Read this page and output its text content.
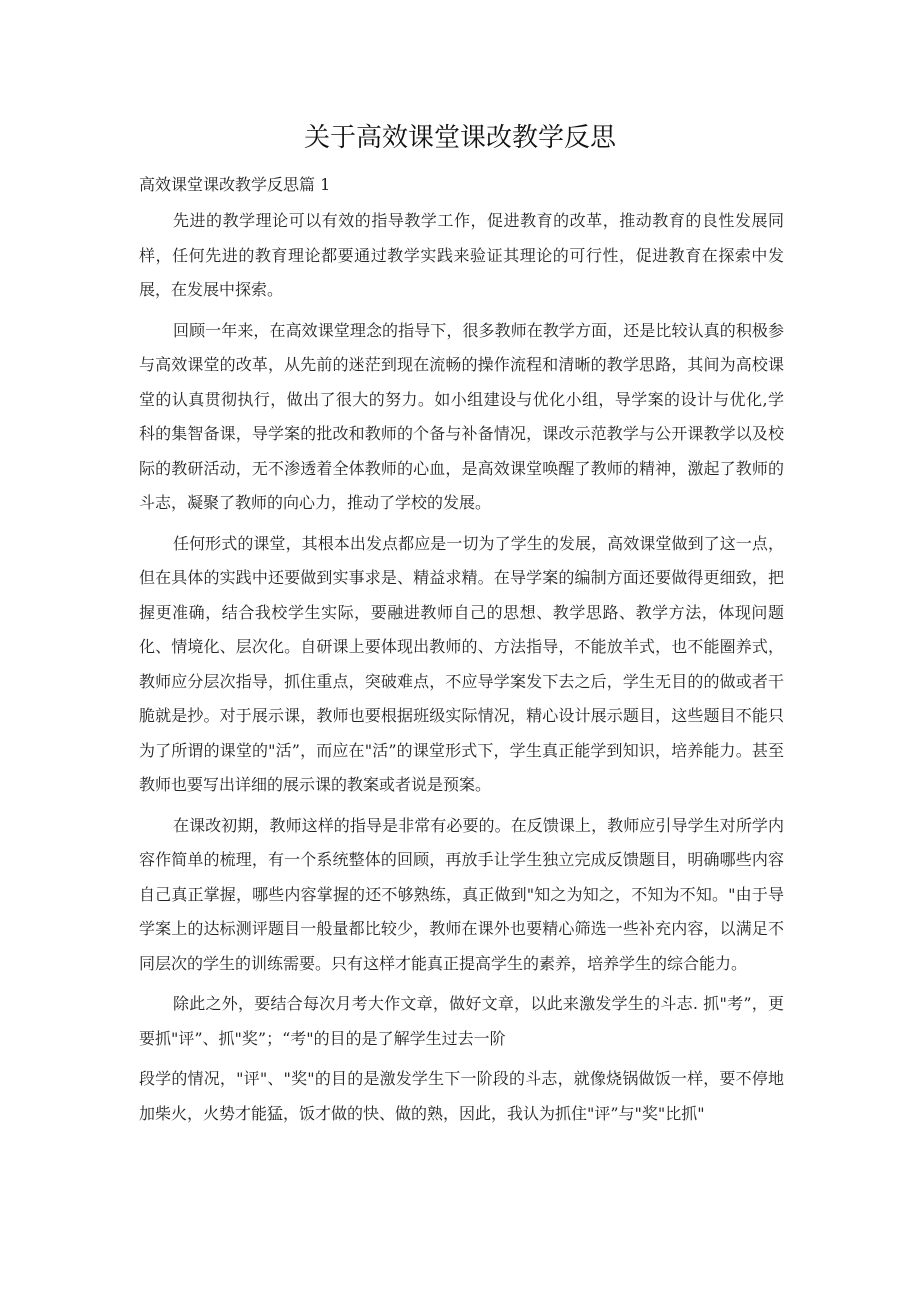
关于高效课堂课改教学反思

高效课堂课改教学反思篇 1

先进的教学理论可以有效的指导教学工作，促进教育的改革，推动教育的良性发展同样，任何先进的教育理论都要通过教学实践来验证其理论的可行性，促进教育在探索中发展，在发展中探索。

回顾一年来，在高效课堂理念的指导下，很多教师在教学方面，还是比较认真的积极参与高效课堂的改革，从先前的迷茫到现在流畅的操作流程和清晰的教学思路，其间为高校课堂的认真贯彻执行，做出了很大的努力。如小组建设与优化小组，导学案的设计与优化,学科的集智备课，导学案的批改和教师的个备与补备情况，课改示范教学与公开课教学以及校际的教研活动，无不渗透着全体教师的心血，是高效课堂唤醒了教师的精神，激起了教师的斗志，凝聚了教师的向心力，推动了学校的发展。

任何形式的课堂，其根本出发点都应是一切为了学生的发展，高效课堂做到了这一点，但在具体的实践中还要做到实事求是、精益求精。在导学案的编制方面还要做得更细致，把握更准确，结合我校学生实际，要融进教师自己的思想、教学思路、教学方法，体现问题化、情境化、层次化。自研课上要体现出教师的、方法指导，不能放羊式，也不能圈养式，教师应分层次指导，抓住重点，突破难点，不应导学案发下去之后，学生无目的的做或者干脆就是抄。对于展示课，教师也要根据班级实际情况，精心设计展示题目，这些题目不能只为了所谓的课堂的"活”，而应在"活”的课堂形式下，学生真正能学到知识，培养能力。甚至教师也要写出详细的展示课的教案或者说是预案。

在课改初期，教师这样的指导是非常有必要的。在反馈课上，教师应引导学生对所学内容作简单的梳理，有一个系统整体的回顾，再放手让学生独立完成反馈题目，明确哪些内容自己真正掌握，哪些内容掌握的还不够熟练，真正做到"知之为知之，不知为不知。"由于导学案上的达标测评题目一般量都比较少，教师在课外也要精心筛选一些补充内容，以满足不同层次的学生的训练需要。只有这样才能真正提高学生的素养，培养学生的综合能力。

除此之外，要结合每次月考大作文章，做好文章，以此来激发学生的斗志. 抓"考”，更要抓"评”、抓"奖”；“考"的目的是了解学生过去一阶

段学的情况，"评"、"奖"的目的是激发学生下一阶段的斗志，就像烧锅做饭一样，要不停地加柴火，火势才能猛，饭才做的快、做的熟，因此，我认为抓住"评”与"奖"比抓"
